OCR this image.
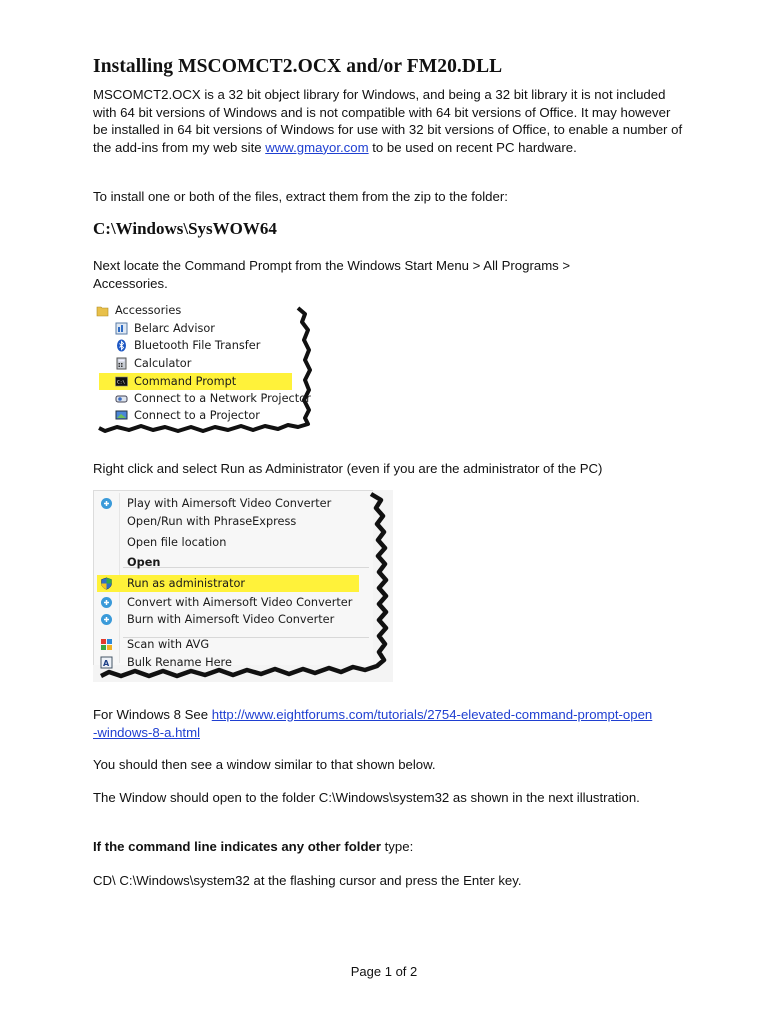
Installing MSCOMCT2.OCX and/or FM20.DLL

MSCOMCT2.OCX is a 32 bit object library for Windows, and being a 32 bit library it is not included with 64 bit versions of Windows and is not compatible with 64 bit versions of Office. It may however be installed in 64 bit versions of Windows for use with 32 bit versions of Office, to enable a number of the add-ins from my web site www.gmayor.com to be used on recent PC hardware.

To install one or both of the files, extract them from the zip to the folder:

C:\Windows\SysWOW64

Next locate the Command Prompt from the Windows Start Menu > All Programs > Accessories.

Accessories
Belarc Advisor
Bluetooth File Transfer
Calculator
C:\ Command Prompt
Connect to a Network Projector
Connect to a Projector

Right click and select Run as Administrator (even if you are the administrator of the PC)

Play with Aimersoft Video Converter
Open/Run with PhraseExpress
Open file location
Open
Run as administrator
Convert with Aimersoft Video Converter
Burn with Aimersoft Video Converter
Scan with AVG
A Bulk Rename Here

For Windows 8 See http://www.eightforums.com/tutorials/2754-elevated-command-prompt-open-windows-8-a.html

You should then see a window similar to that shown below.

The Window should open to the folder C:\Windows\system32 as shown in the next illustration.

If the command line indicates any other folder type:

CD\ C:\Windows\system32 at the flashing cursor and press the Enter key.

Page 1 of 2
